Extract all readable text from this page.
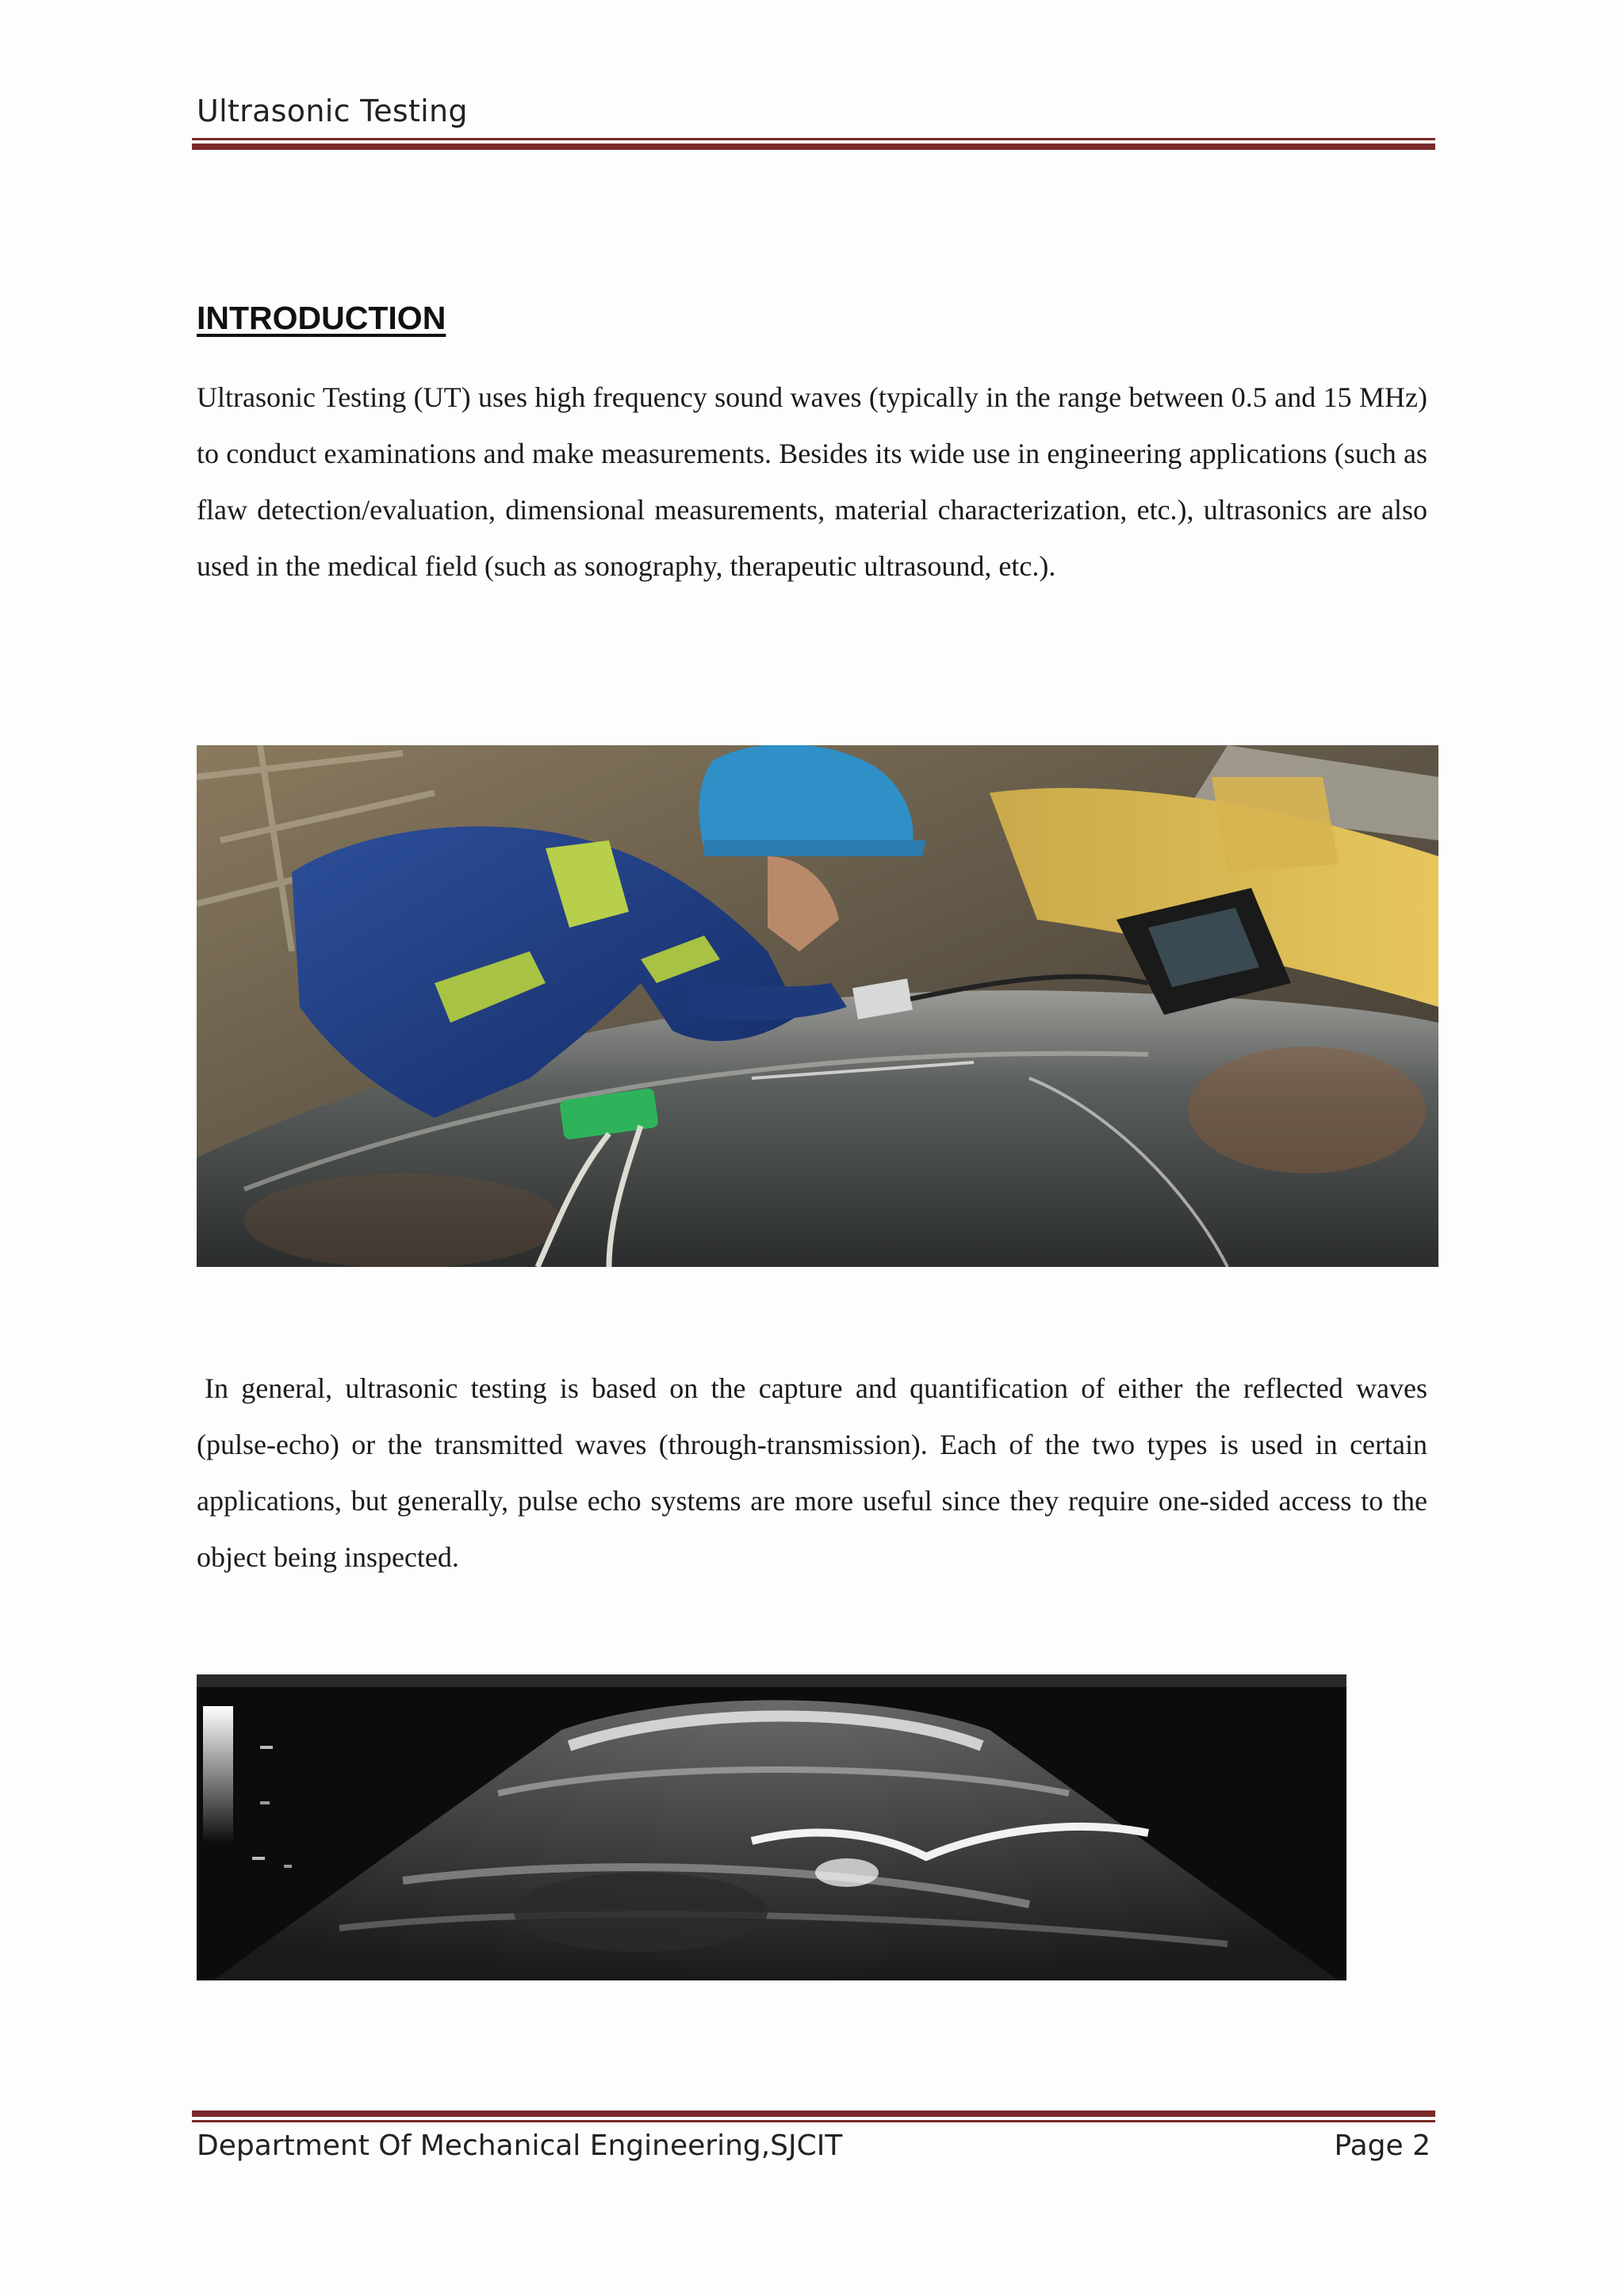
Ultrasonic Testing
INTRODUCTION
Ultrasonic Testing (UT) uses high frequency sound waves (typically in the range between 0.5 and 15 MHz) to conduct examinations and make measurements. Besides its wide use in engineering applications (such as flaw detection/evaluation, dimensional measurements, material characterization, etc.), ultrasonics are also used in the medical field (such as sonography, therapeutic ultrasound, etc.).
In general, ultrasonic testing is based on the capture and quantification of either the reflected waves (pulse-echo) or the transmitted waves (through-transmission). Each of the two types is used in certain applications, but generally, pulse echo systems are more useful since they require one-sided access to the object being inspected.
Department Of Mechanical Engineering,SJCIT	Page 2
